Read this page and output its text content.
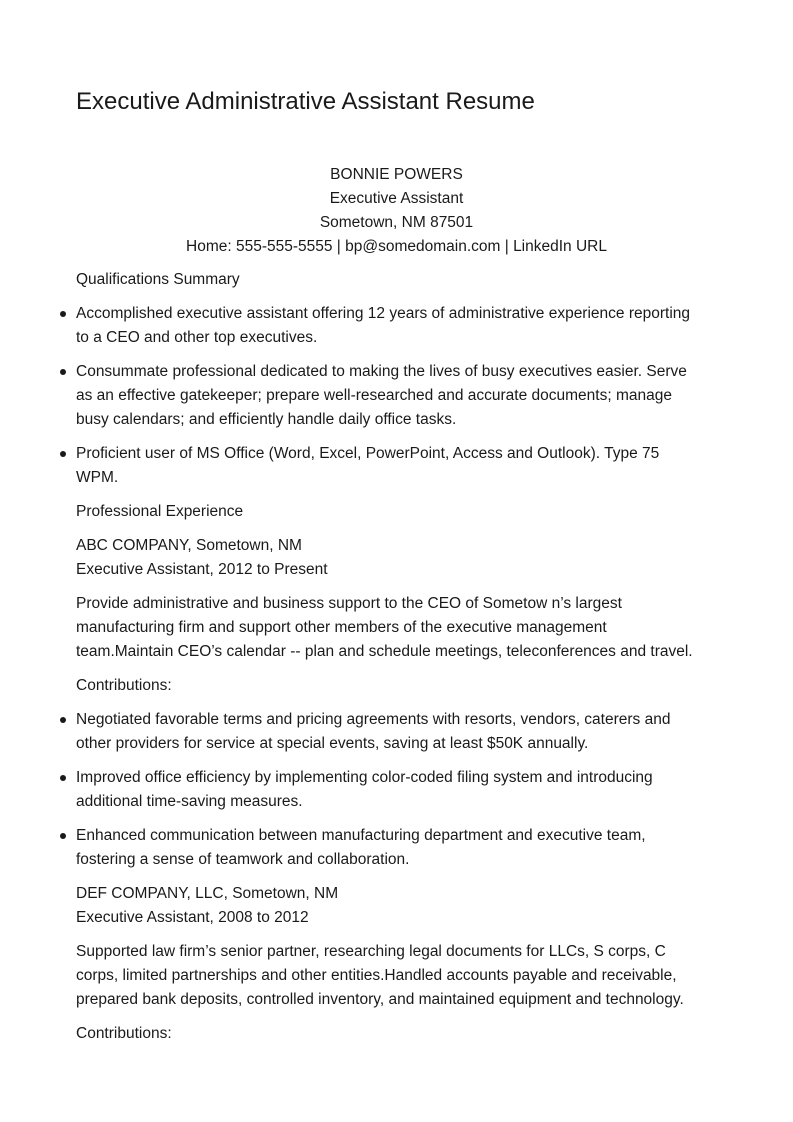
Executive Administrative Assistant Resume
BONNIE POWERS
Executive Assistant
Sometown, NM 87501
Home: 555-555-5555 | bp@somedomain.com | LinkedIn URL

Qualifications Summary

Accomplished executive assistant offering 12 years of administrative experience reporting
to a CEO and other top executives.
Consummate professional dedicated to making the lives of busy executives easier. Serve
as an effective gatekeeper; prepare well-researched and accurate documents; manage
busy calendars; and efficiently handle daily office tasks.
Proficient user of MS Office (Word, Excel, PowerPoint, Access and Outlook). Type 75
WPM.

Professional Experience

ABC COMPANY, Sometown, NM
Executive Assistant, 2012 to Present
Provide administrative and business support to the CEO of Sometow n’s largest
manufacturing firm and support other members of the executive management
team.Maintain CEO’s calendar -- plan and schedule meetings, teleconferences and travel.

Contributions:

Negotiated favorable terms and pricing agreements with resorts, vendors, caterers and
other providers for service at special events, saving at least $50K annually.
Improved office efficiency by implementing color-coded filing system and introducing
additional time-saving measures.
Enhanced communication between manufacturing department and executive team,
fostering a sense of teamwork and collaboration.
DEF COMPANY, LLC, Sometown, NM
Executive Assistant, 2008 to 2012
Supported law firm’s senior partner, researching legal documents for LLCs, S corps, C
corps, limited partnerships and other entities.Handled accounts payable and receivable,
prepared bank deposits, controlled inventory, and maintained equipment and technology.

Contributions:
